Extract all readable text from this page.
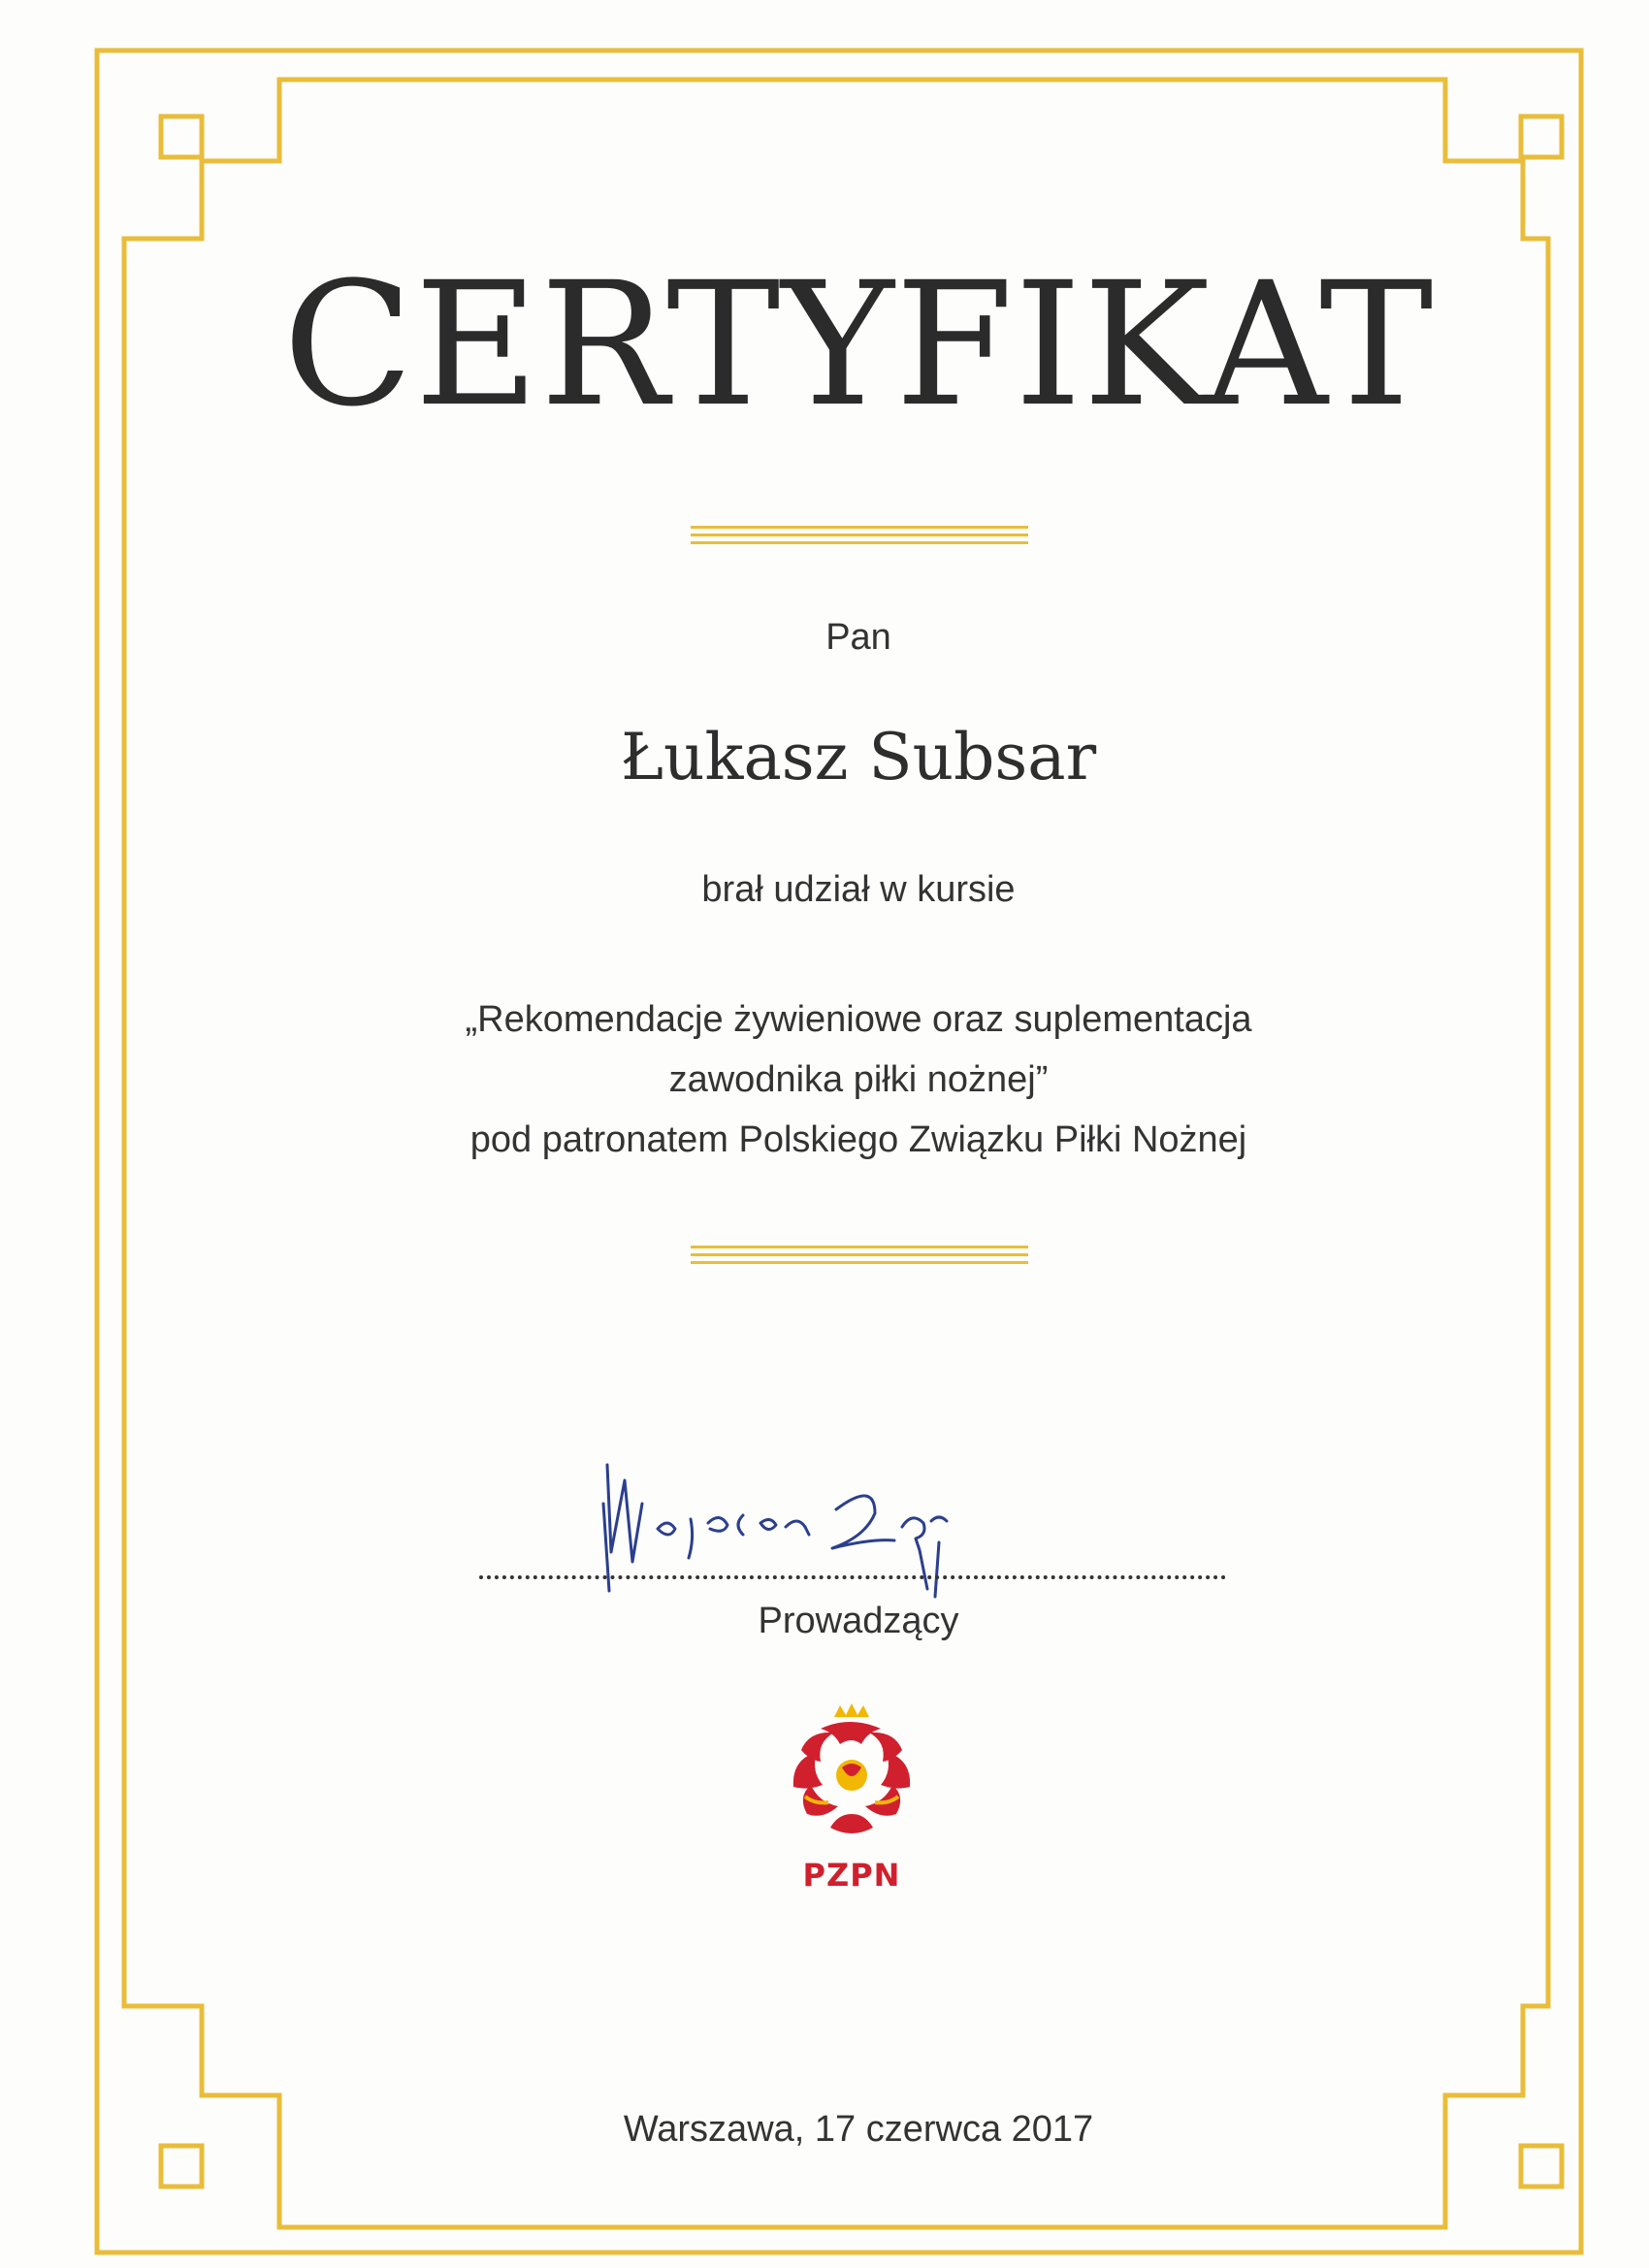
CERTYFIKAT
Pan
Łukasz Subsar
brał udział w kursie
„Rekomendacje żywieniowe oraz suplementacja
zawodnika piłki nożnej”
pod patronatem Polskiego Związku Piłki Nożnej
Prowadzący
PZPN
Warszawa, 17 czerwca 2017
